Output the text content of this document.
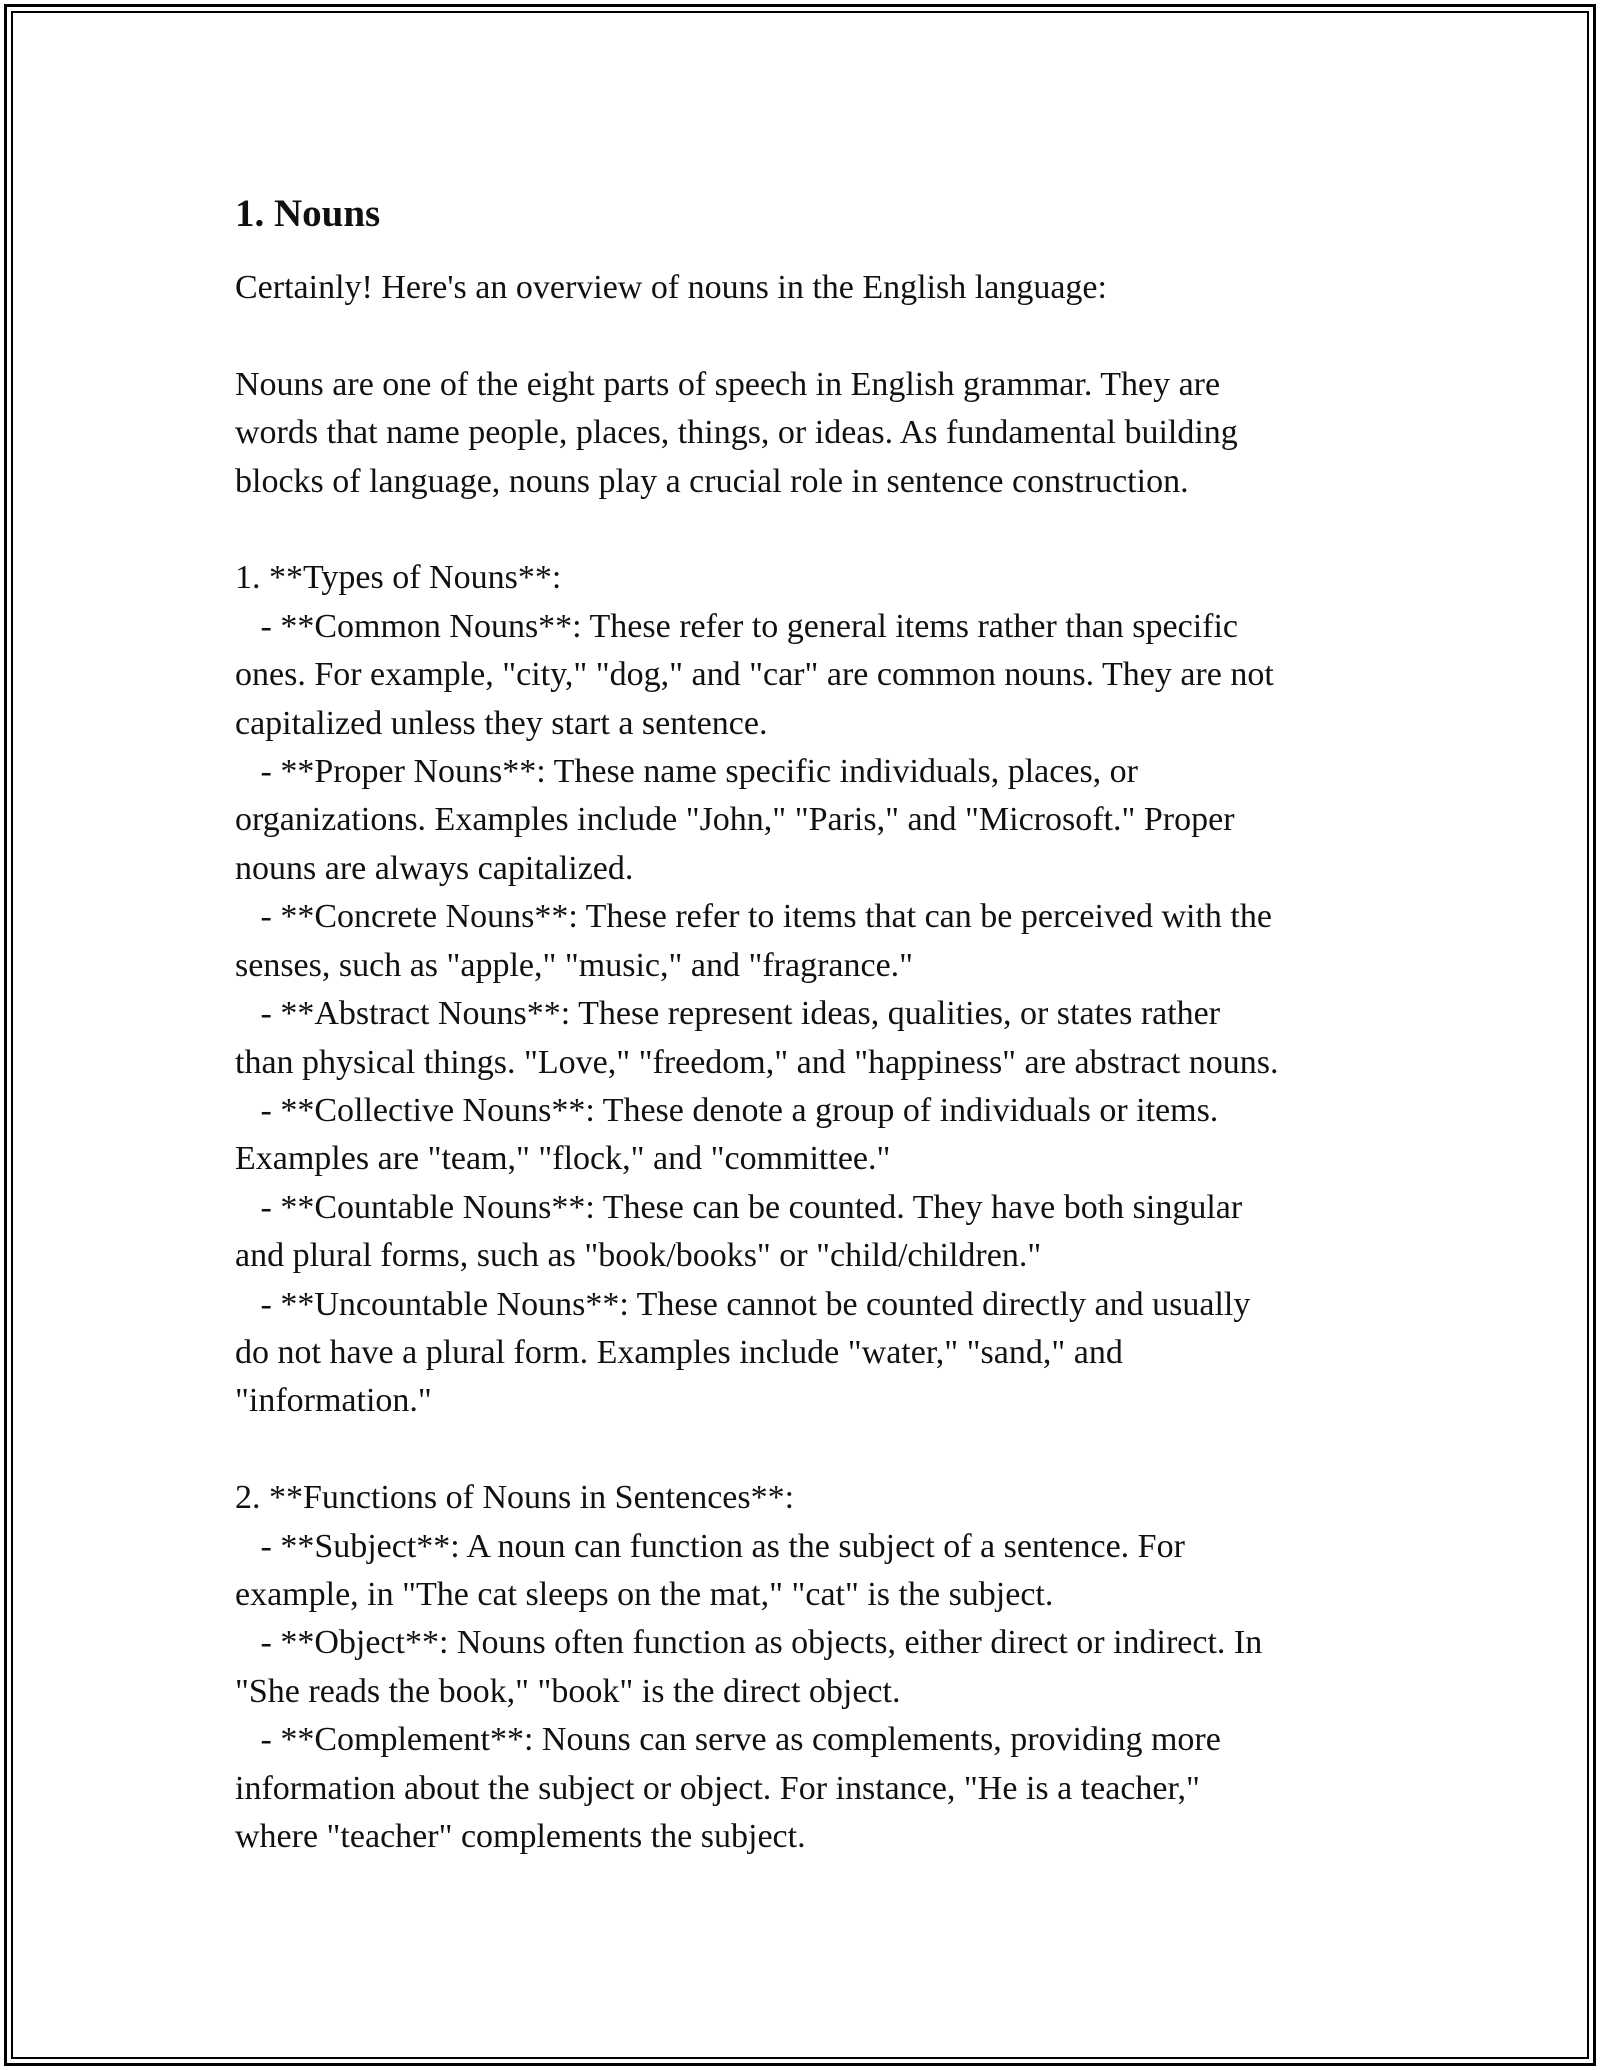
1. Nouns
Certainly! Here's an overview of nouns in the English language:

Nouns are one of the eight parts of speech in English grammar. They are
words that name people, places, things, or ideas. As fundamental building
blocks of language, nouns play a crucial role in sentence construction.

1. **Types of Nouns**:
- **Common Nouns**: These refer to general items rather than specific
ones. For example, "city," "dog," and "car" are common nouns. They are not
capitalized unless they start a sentence.
- **Proper Nouns**: These name specific individuals, places, or
organizations. Examples include "John," "Paris," and "Microsoft." Proper
nouns are always capitalized.
- **Concrete Nouns**: These refer to items that can be perceived with the
senses, such as "apple," "music," and "fragrance."
- **Abstract Nouns**: These represent ideas, qualities, or states rather
than physical things. "Love," "freedom," and "happiness" are abstract nouns.
- **Collective Nouns**: These denote a group of individuals or items.
Examples are "team," "flock," and "committee."
- **Countable Nouns**: These can be counted. They have both singular
and plural forms, such as "book/books" or "child/children."
- **Uncountable Nouns**: These cannot be counted directly and usually
do not have a plural form. Examples include "water," "sand," and
"information."

2. **Functions of Nouns in Sentences**:
- **Subject**: A noun can function as the subject of a sentence. For
example, in "The cat sleeps on the mat," "cat" is the subject.
- **Object**: Nouns often function as objects, either direct or indirect. In
"She reads the book," "book" is the direct object.
- **Complement**: Nouns can serve as complements, providing more
information about the subject or object. For instance, "He is a teacher,"
where "teacher" complements the subject.
